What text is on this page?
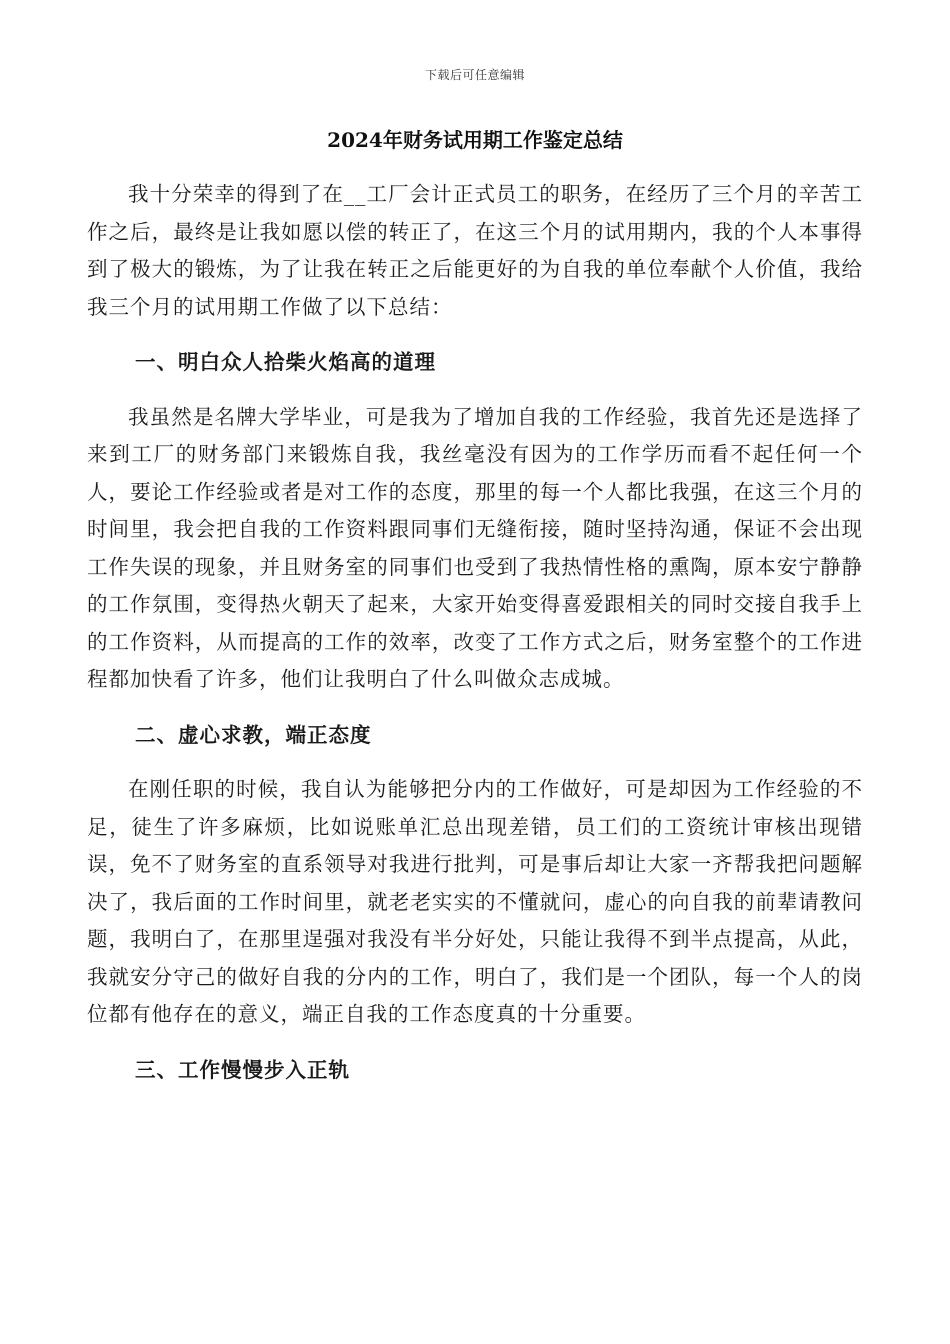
下载后可任意编辑
2024年财务试用期工作鉴定总结

我十分荣幸的得到了在__工厂会计正式员工的职务，在经历了三个月的辛苦工作之后，最终是让我如愿以偿的转正了，在这三个月的试用期内，我的个人本事得到了极大的锻炼，为了让我在转正之后能更好的为自我的单位奉献个人价值，我给我三个月的试用期工作做了以下总结：

一、明白众人拾柴火焰高的道理

我虽然是名牌大学毕业，可是我为了增加自我的工作经验，我首先还是选择了来到工厂的财务部门来锻炼自我，我丝毫没有因为的工作学历而看不起任何一个人，要论工作经验或者是对工作的态度，那里的每一个人都比我强，在这三个月的时间里，我会把自我的工作资料跟同事们无缝衔接，随时坚持沟通，保证不会出现工作失误的现象，并且财务室的同事们也受到了我热情性格的熏陶，原本安宁静静的工作氛围，变得热火朝天了起来，大家开始变得喜爱跟相关的同时交接自我手上的工作资料，从而提高的工作的效率，改变了工作方式之后，财务室整个的工作进程都加快看了许多，他们让我明白了什么叫做众志成城。

二、虚心求教，端正态度

在刚任职的时候，我自认为能够把分内的工作做好，可是却因为工作经验的不足，徒生了许多麻烦，比如说账单汇总出现差错，员工们的工资统计审核出现错误，免不了财务室的直系领导对我进行批判，可是事后却让大家一齐帮我把问题解决了，我后面的工作时间里，就老老实实的不懂就问，虚心的向自我的前辈请教问题，我明白了，在那里逞强对我没有半分好处，只能让我得不到半点提高，从此，我就安分守己的做好自我的分内的工作，明白了，我们是一个团队，每一个人的岗位都有他存在的意义，端正自我的工作态度真的十分重要。

三、工作慢慢步入正轨
